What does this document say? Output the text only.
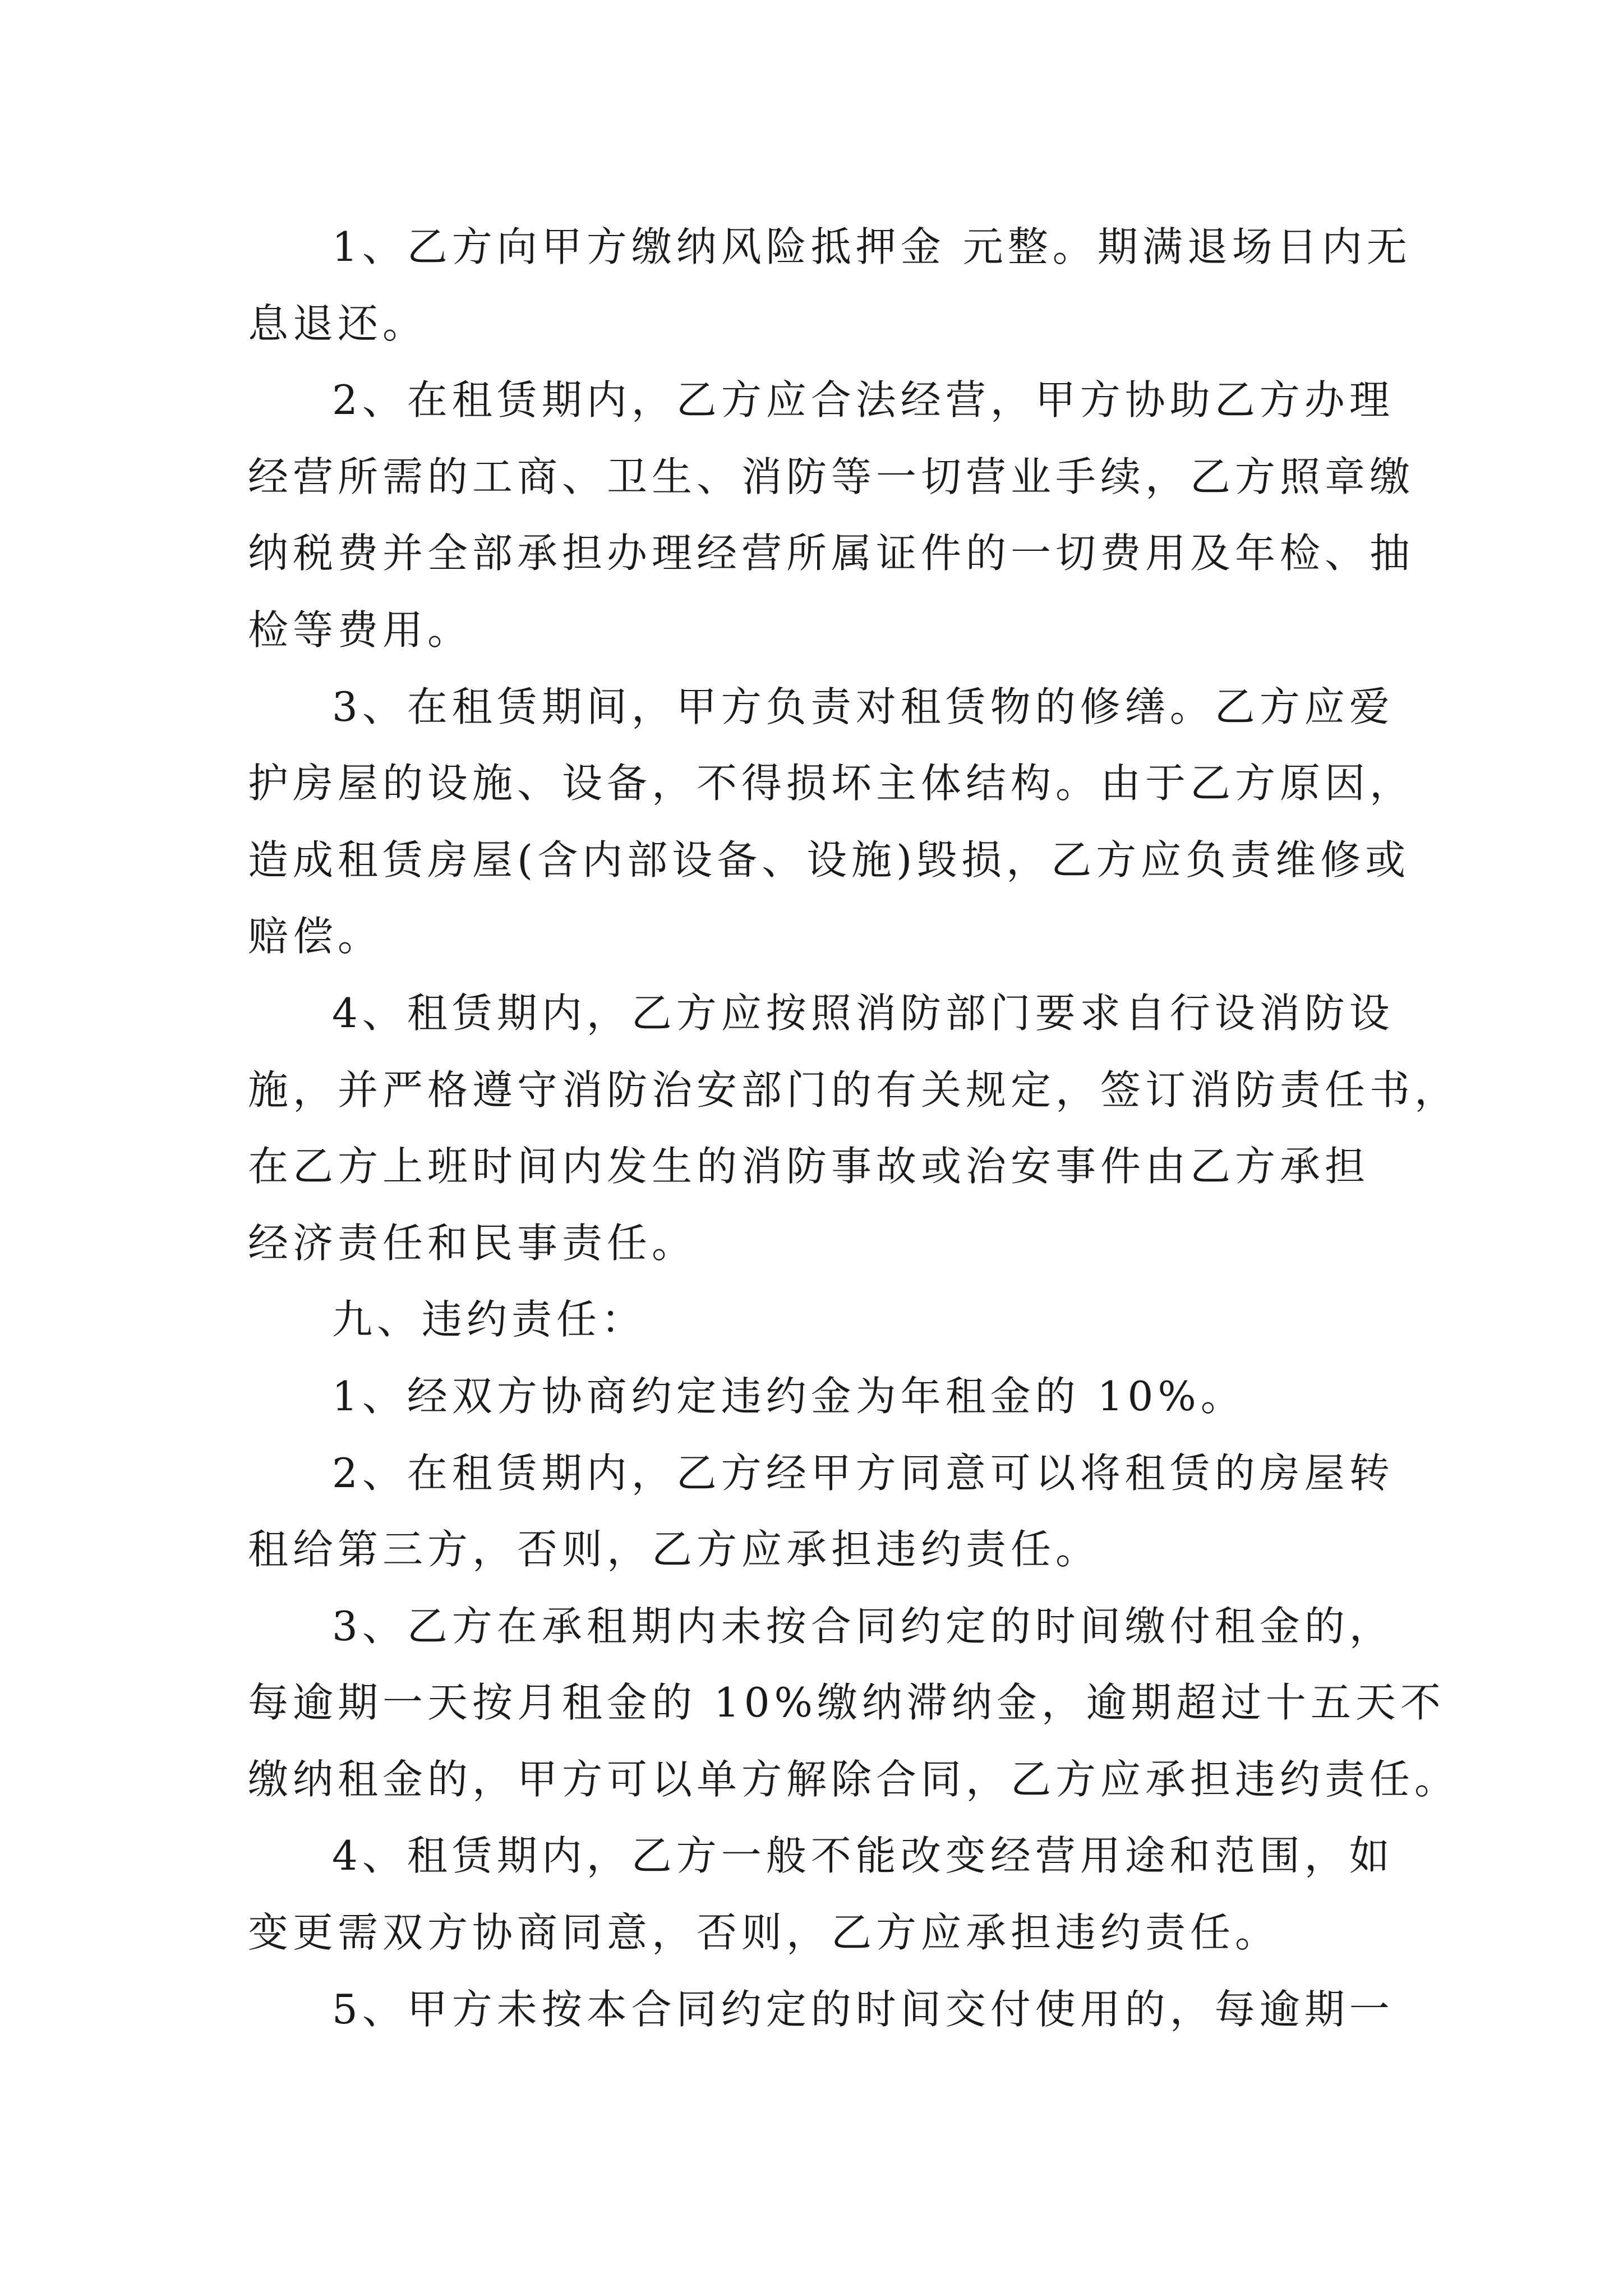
1、乙方向甲方缴纳风险抵押金 元整。期满退场日内无
息退还。
2、在租赁期内，乙方应合法经营，甲方协助乙方办理
经营所需的工商、卫生、消防等一切营业手续，乙方照章缴
纳税费并全部承担办理经营所属证件的一切费用及年检、抽
检等费用。
3、在租赁期间，甲方负责对租赁物的修缮。乙方应爱
护房屋的设施、设备，不得损坏主体结构。由于乙方原因，
造成租赁房屋(含内部设备、设施)毁损，乙方应负责维修或
赔偿。
4、租赁期内，乙方应按照消防部门要求自行设消防设
施，并严格遵守消防治安部门的有关规定，签订消防责任书，
在乙方上班时间内发生的消防事故或治安事件由乙方承担
经济责任和民事责任。
九、违约责任：
1、经双方协商约定违约金为年租金的 10%。
2、在租赁期内，乙方经甲方同意可以将租赁的房屋转
租给第三方，否则，乙方应承担违约责任。
3、乙方在承租期内未按合同约定的时间缴付租金的，
每逾期一天按月租金的 10%缴纳滞纳金，逾期超过十五天不
缴纳租金的，甲方可以单方解除合同，乙方应承担违约责任。
4、租赁期内，乙方一般不能改变经营用途和范围，如
变更需双方协商同意，否则，乙方应承担违约责任。
5、甲方未按本合同约定的时间交付使用的，每逾期一
